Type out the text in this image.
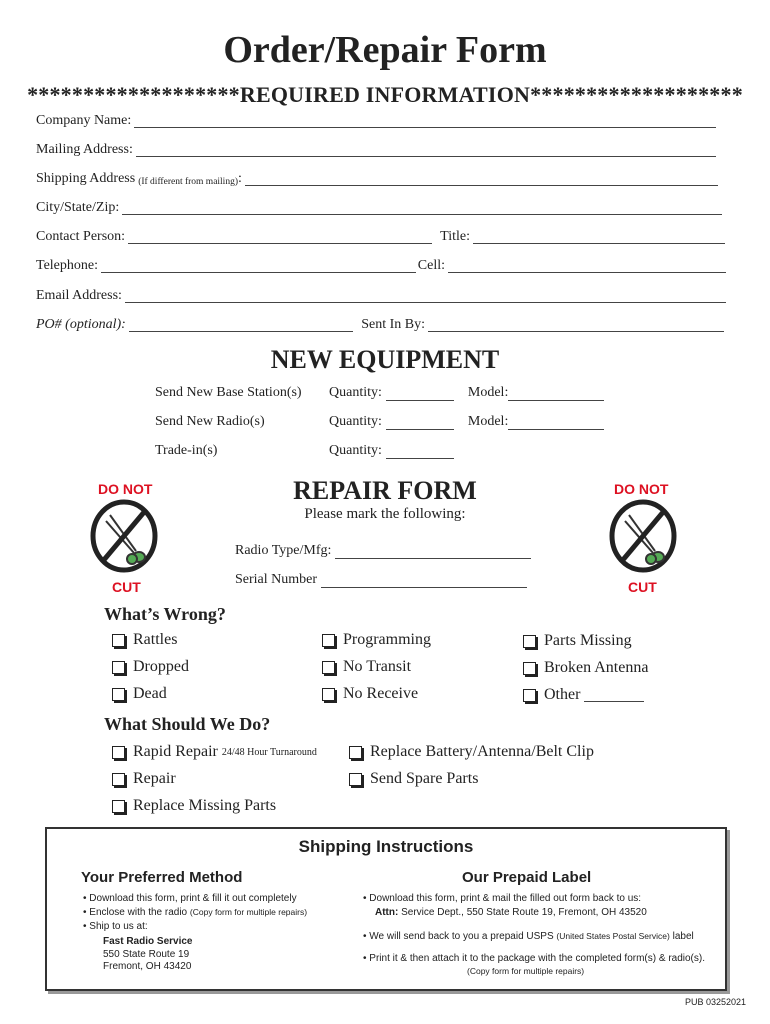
Order/Repair Form
*******************REQUIRED INFORMATION*******************
Company Name:
Mailing Address:
Shipping Address (If different from mailing) :
City/State/Zip:
Contact Person:	Title:
Telephone:	Cell:
Email Address:
PO# (optional):	Sent In By:
NEW EQUIPMENT
Send New Base Station(s)	Quantity:	Model:
Send New Radio(s)	Quantity:	Model:
Trade-in(s)	Quantity:
DO NOT
CUT
DO NOT
CUT
REPAIR FORM
Please mark the following:
Radio Type/Mfg:
Serial Number
What’s Wrong?
Rattles	Programming	Parts Missing
Dropped	No Transit	Broken Antenna
Dead	No Receive	Other
What Should We Do?
Rapid Repair 24/48 Hour Turnaround	Replace Battery/Antenna/Belt Clip
Repair	Send Spare Parts
Replace Missing Parts
Shipping Instructions
Your Preferred Method
• Download this form, print & fill it out completely
• Enclose with the radio (Copy form for multiple repairs)
• Ship to us at:
Fast Radio Service
550 State Route 19
Fremont, OH 43420
Our Prepaid Label
• Download this form, print & mail the filled out form back to us:
Attn: Service Dept., 550 State Route 19, Fremont, OH 43520
• We will send back to you a prepaid USPS (United States Postal Service) label
• Print it & then attach it to the package with the completed form(s) & radio(s).
(Copy form for multiple repairs)
PUB 03252021
